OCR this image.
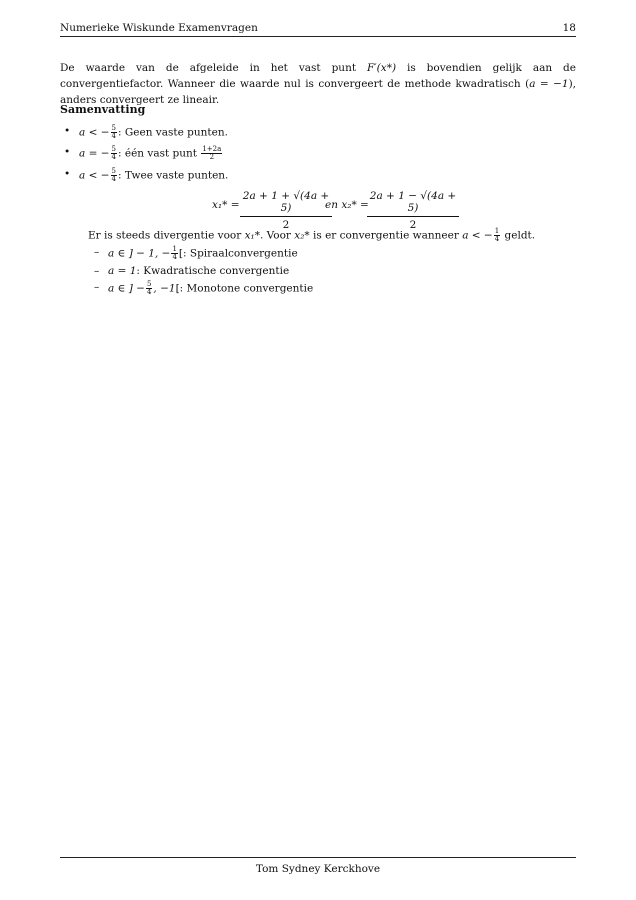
Numerieke Wiskunde Examenvragen	18
De waarde van de afgeleide in het vast punt F′(x*) is bovendien gelijk aan de convergentiefactor. Wanneer die waarde nul is convergeert de methode kwadratisch (a = −1), anders convergeert ze lineair.
Samenvatting
• a < − $\frac{5}{4}$ : Geen vaste punten.
• a = − $\frac{5}{4}$ : één vast punt $\frac{1+2a}{2}$
• a < − $\frac{5}{4}$ : Twee vaste punten.
$x_1* = \frac{2a + 1 + √(4a + 5)}{2}$
en x₂* =
$\frac{2a + 1 - √(4a + 5)}{2}$
Er is steeds divergentie voor x₁*. Voor x₂* is er convergentie wanneer a < − $\frac{1}{4}$ geldt.
– a ∈ ] − 1, − $\frac{1}{4}$ [: Spiraalconvergentie
– a = 1: Kwadratische convergentie
– a ∈ ] − $\frac{5}{4}$ , −1[: Monotone convergentie
Tom Sydney Kerckhove
